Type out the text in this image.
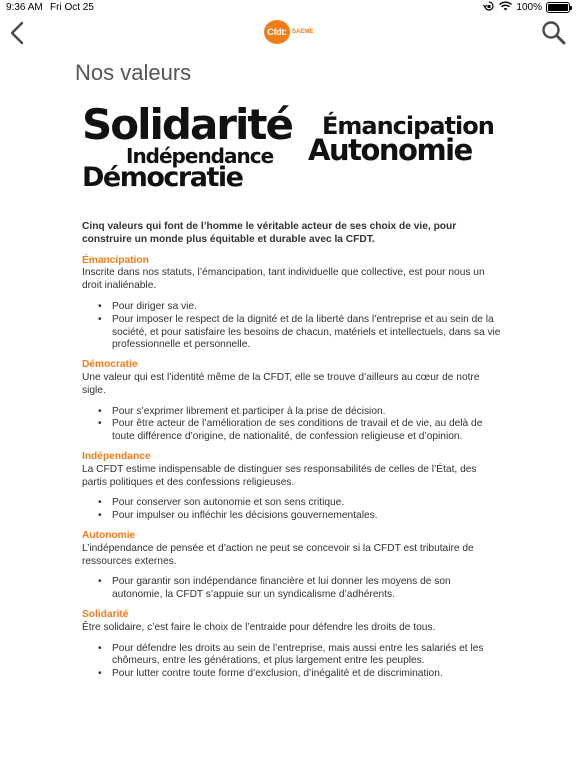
9:36 AM Fri Oct 25	100%
Cfdt: SAEME
Nos valeurs
Solidarité Émancipation
Autonomie
Indépendance
Démocratie

Cinq valeurs qui font de l’homme le véritable acteur de ses choix de vie, pour construire un monde plus équitable et durable avec la CFDT.

Émancipation
Inscrite dans nos statuts, l’émancipation, tant individuelle que collective, est pour nous un droit inaliénable.
• Pour diriger sa vie.
• Pour imposer le respect de la dignité et de la liberté dans l’entreprise et au sein de la société, et pour satisfaire les besoins de chacun, matériels et intellectuels, dans sa vie professionnelle et personnelle.
Démocratie
Une valeur qui est l’identité même de la CFDT, elle se trouve d’ailleurs au cœur de notre sigle.
• Pour s’exprimer librement et participer à la prise de décision.
• Pour être acteur de l’amélioration de ses conditions de travail et de vie, au delà de toute différence d’origine, de nationalité, de confession religieuse et d’opinion.
Indépendance
La CFDT estime indispensable de distinguer ses responsabilités de celles de l’État, des partis politiques et des confessions religieuses.
• Pour conserver son autonomie et son sens critique.
• Pour impulser ou infléchir les décisions gouvernementales.
Autonomie
L’indépendance de pensée et d’action ne peut se concevoir si la CFDT est tributaire de ressources externes.
• Pour garantir son indépendance financière et lui donner les moyens de son autonomie, la CFDT s’appuie sur un syndicalisme d’adhérents.
Solidarité
Être solidaire, c’est faire le choix de l’entraide pour défendre les droits de tous.
• Pour défendre les droits au sein de l’entreprise, mais aussi entre les salariés et les chômeurs, entre les générations, et plus largement entre les peuples.
• Pour lutter contre toute forme d’exclusion, d’inégalité et de discrimination.
